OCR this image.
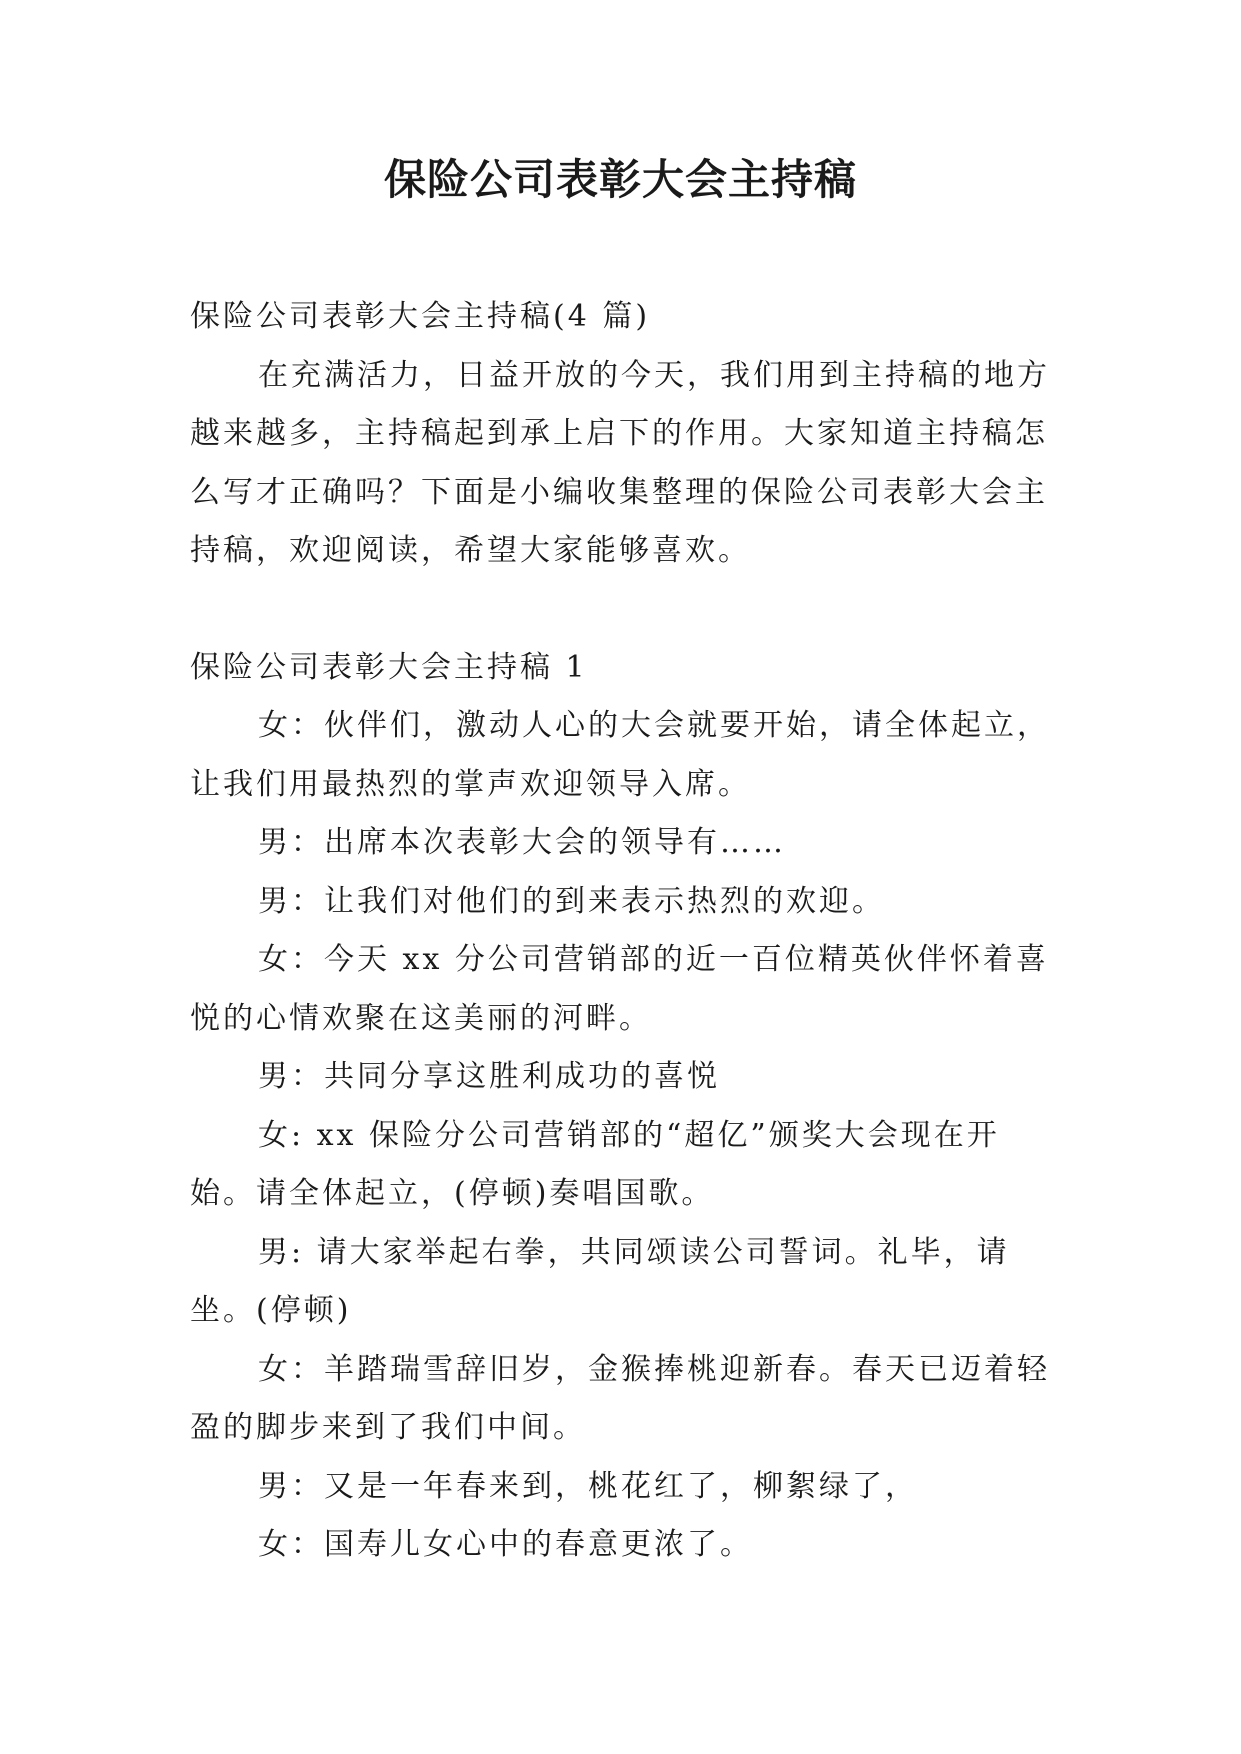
保险公司表彰大会主持稿

保险公司表彰大会主持稿(4 篇)

在充满活力，日益开放的今天，我们用到主持稿的地方越来越多，主持稿起到承上启下的作用。大家知道主持稿怎么写才正确吗？下面是小编收集整理的保险公司表彰大会主持稿，欢迎阅读，希望大家能够喜欢。

保险公司表彰大会主持稿 1

女：伙伴们，激动人心的大会就要开始，请全体起立，让我们用最热烈的掌声欢迎领导入席。

男：出席本次表彰大会的领导有……

男：让我们对他们的到来表示热烈的欢迎。

女：今天 xx 分公司营销部的近一百位精英伙伴怀着喜悦的心情欢聚在这美丽的河畔。

男：共同分享这胜利成功的喜悦

女: xx 保险分公司营销部的“超亿”颁奖大会现在开始。请全体起立，(停顿)奏唱国歌。

男: 请大家举起右拳，共同颂读公司誓词。礼毕，请坐。(停顿)

女：羊踏瑞雪辞旧岁，金猴捧桃迎新春。春天已迈着轻盈的脚步来到了我们中间。

男：又是一年春来到，桃花红了，柳絮绿了，

女：国寿儿女心中的春意更浓了。
